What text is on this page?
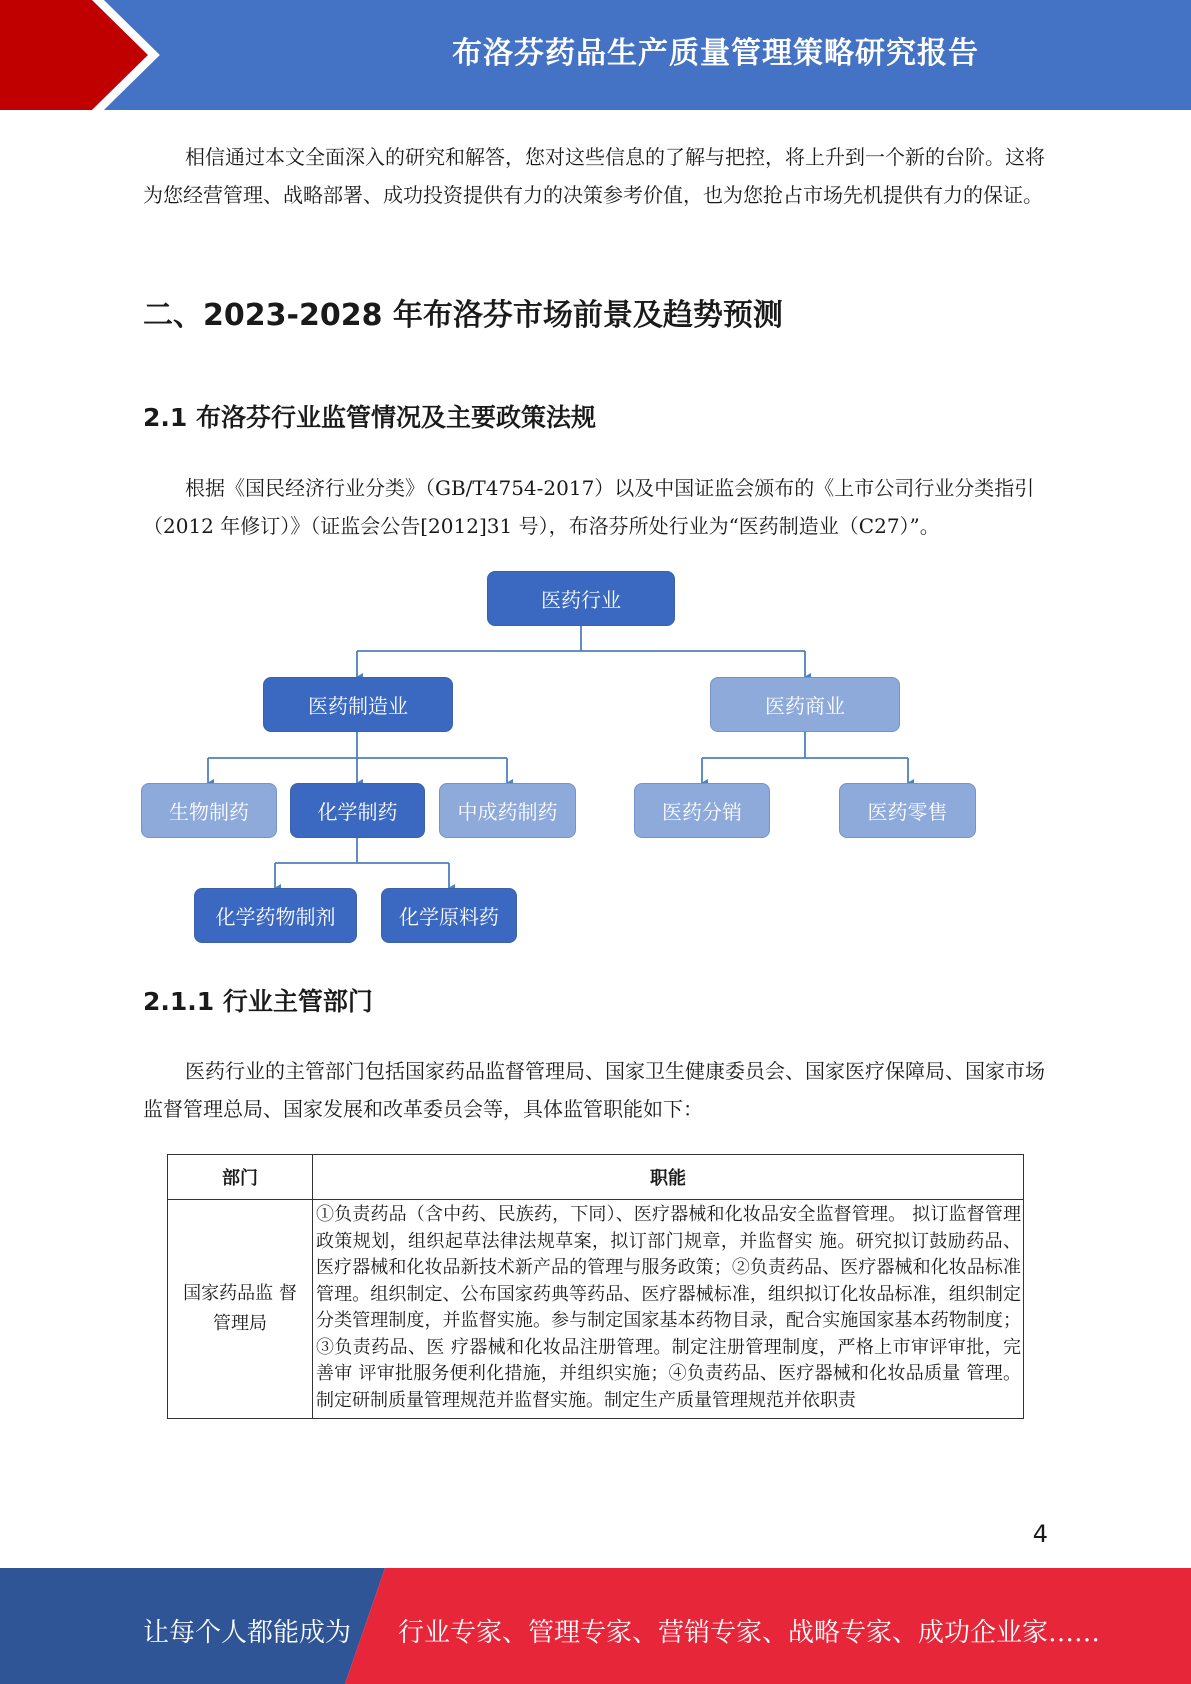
布洛芬药品生产质量管理策略研究报告

相信通过本文全面深入的研究和解答，您对这些信息的了解与把控，将上升到一个新的台阶。这将为您经营管理、战略部署、成功投资提供有力的决策参考价值，也为您抢占市场先机提供有力的保证。

二、2023-2028 年布洛芬市场前景及趋势预测
2.1 布洛芬行业监管情况及主要政策法规

根据《国民经济行业分类》（GB/T4754-2017）以及中国证监会颁布的《上市公司行业分类指引（2012 年修订）》（证监会公告[2012]31 号），布洛芬所处行业为“医药制造业（C27）”。

医药行业
医药制造业	医药商业
生物制药	化学制药	中成药制药	医药分销	医药零售
化学药物制剂	化学原料药
2.1.1 行业主管部门

医药行业的主管部门包括国家药品监督管理局、国家卫生健康委员会、国家医疗保障局、国家市场监督管理总局、国家发展和改革委员会等，具体监管职能如下：

部门	职能
国家药品监 督管理局	①负责药品（含中药、民族药，下同）、医疗器械和化妆品安全监督管理。 拟订监督管理政策规划，组织起草法律法规草案，拟订部门规章，并监督实 施。研究拟订鼓励药品、医疗器械和化妆品新技术新产品的管理与服务政策；②负责药品、医疗器械和化妆品标准管理。组织制定、公布国家药典等药品、医疗器械标准，组织拟订化妆品标准，组织制定分类管理制度，并监督实施。参与制定国家基本药物目录，配合实施国家基本药物制度；③负责药品、医 疗器械和化妆品注册管理。制定注册管理制度，严格上市审评审批，完善审 评审批服务便利化措施，并组织实施；④负责药品、医疗器械和化妆品质量 管理。制定研制质量管理规范并监督实施。制定生产质量管理规范并依职责
4
让每个人都能成为 行业专家、管理专家、营销专家、战略专家、成功企业家……
